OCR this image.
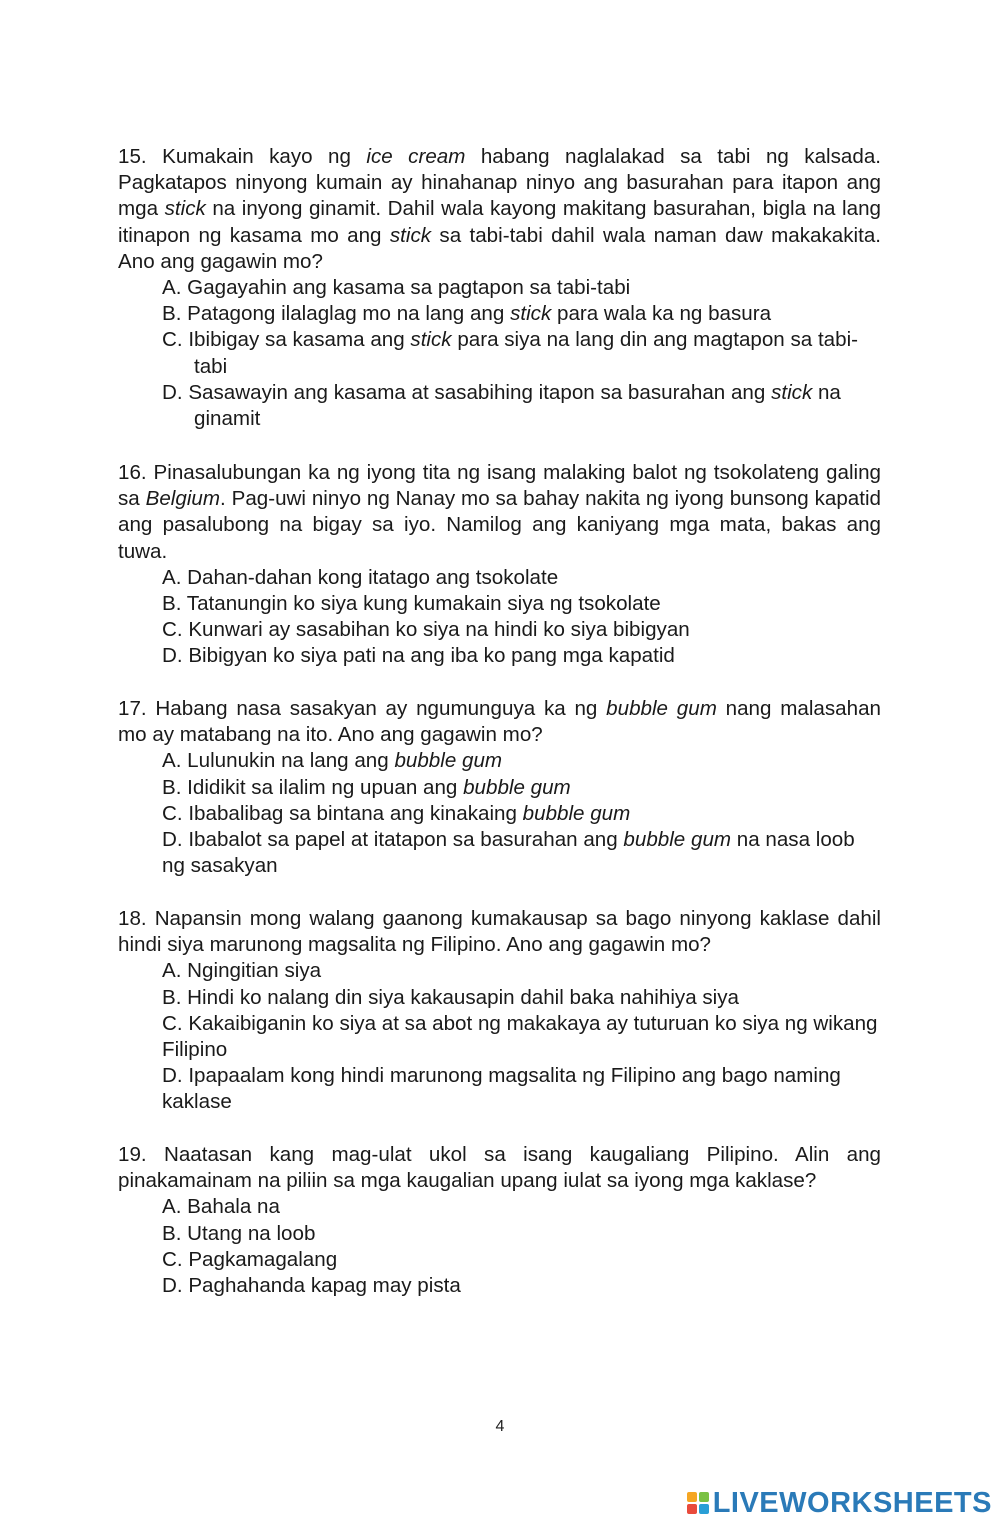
15. Kumakain kayo ng ice cream habang naglalakad sa tabi ng kalsada. Pagkatapos ninyong kumain ay hinahanap ninyo ang basurahan para itapon ang mga stick na inyong ginamit. Dahil wala kayong makitang basurahan, bigla na lang itinapon ng kasama mo ang stick sa tabi-tabi dahil wala naman daw makakakita. Ano ang gagawin mo?

A. Gagayahin ang kasama sa pagtapon sa tabi-tabi
B. Patagong ilalaglag mo na lang ang stick para wala ka ng basura
C. Ibibigay sa kasama ang stick para siya na lang din ang magtapon sa tabi-tabi
D. Sasawayin ang kasama at sasabihing itapon sa basurahan ang stick na ginamit

16. Pinasalubungan ka ng iyong tita ng isang malaking balot ng tsokolateng galing sa Belgium. Pag-uwi ninyo ng Nanay mo sa bahay nakita ng iyong bunsong kapatid ang pasalubong na bigay sa iyo. Namilog ang kaniyang mga mata, bakas ang tuwa.

A. Dahan-dahan kong itatago ang tsokolate
B. Tatanungin ko siya kung kumakain siya ng tsokolate
C. Kunwari ay sasabihan ko siya na hindi ko siya bibigyan
D. Bibigyan ko siya pati na ang iba ko pang mga kapatid

17. Habang nasa sasakyan ay ngumunguya ka ng bubble gum nang malasahan mo ay matabang na ito. Ano ang gagawin mo?

A. Lulunukin na lang ang bubble gum
B. Ididikit sa ilalim ng upuan ang bubble gum
C. Ibabalibag sa bintana ang kinakaing bubble gum
D. Ibabalot sa papel at itatapon sa basurahan ang bubble gum na nasa loob ng sasakyan

18. Napansin mong walang gaanong kumakausap sa bago ninyong kaklase dahil hindi siya marunong magsalita ng Filipino. Ano ang gagawin mo?

A. Ngingitian siya
B. Hindi ko nalang din siya kakausapin dahil baka nahihiya siya
C. Kakaibiganin ko siya at sa abot ng makakaya ay tuturuan ko siya ng wikang Filipino
D. Ipapaalam kong hindi marunong magsalita ng Filipino ang bago naming kaklase

19. Naatasan kang mag-ulat ukol sa isang kaugaliang Pilipino. Alin ang pinakamainam na piliin sa mga kaugalian upang iulat sa iyong mga kaklase?

A. Bahala na
B. Utang na loob
C. Pagkamagalang
D. Paghahanda kapag may pista
4
LIVEWORKSHEETS
